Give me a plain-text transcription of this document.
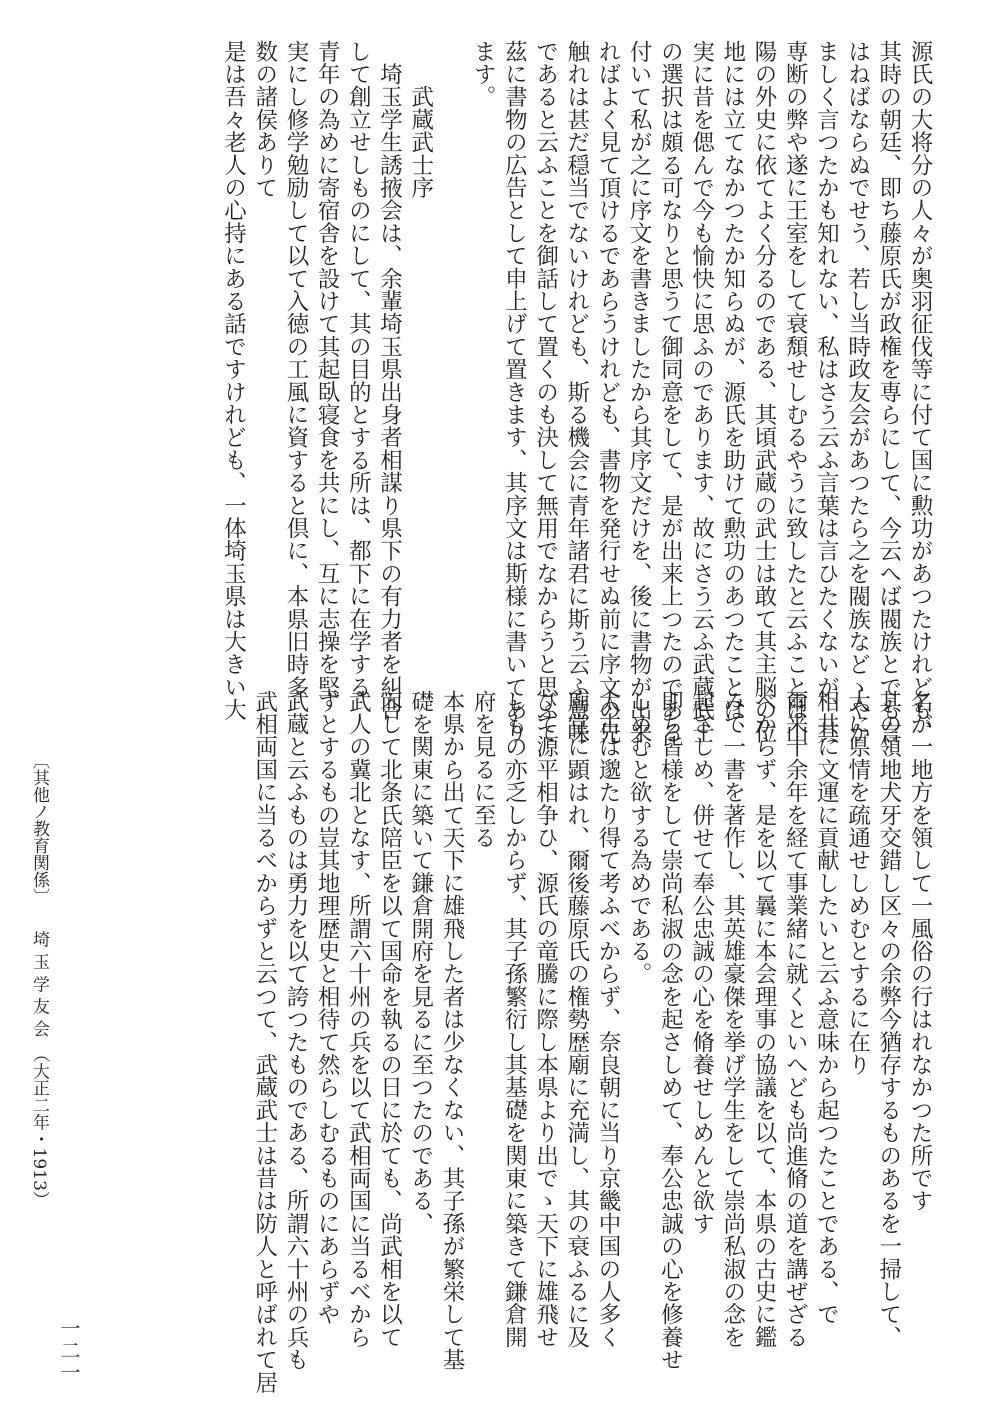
源氏の大将分の人々が奥羽征伐等に付て国に勲功があつたけれども、
其時の朝廷、即ち藤原氏が政権を専らにして、今云へば閥族とでも言
はねばならぬでせう、若し当時政友会があつたら之を閥族などゝやか
ましく言つたかも知れない、私はさう云ふ言葉は言ひたくないが、其
専断の弊や遂に王室をして衰頽せしむるやうに致したと云ふことは山
陽の外史に依てよく分るのである、其頃武蔵の武士は敢て其主脳の位
地には立てなかつたか知らぬが、源氏を助けて勲功のあつたことは、
実に昔を偲んで今も愉快に思ふのであります、故にさう云ふ武蔵武士
の選択は頗る可なりと思うて御同意をして、是が出来上つたのである
付いて私が之に序文を書きましたから其序文だけを、後に書物が出来
ればよく見て頂けるであらうけれども、書物を発行せぬ前に序文の先
触れは甚だ穏当でないけれども、斯る機会に青年諸君に斯う云ふ意味
であると云ふことを御話して置くのも決して無用でなからうと思ふて
茲に書物の広告として申上げて置きます、其序文は斯様に書いてあり
ます。

　　武蔵武士序
　埼玉学生誘掖会は、余輩埼玉県出身者相謀り県下の有力者を糾合
して創立せしものにして、其の目的とする所は、都下に在学する
青年の為めに寄宿舎を設けて其起臥寝食を共にし、互に志操を堅
実にし修学勉励して以て入徳の工風に資すると倶に、本県旧時多
数の諸侯ありて
是は吾々老人の心持にある話ですけれども、一体埼玉県は大きい大
名が一地方を領して一風俗の行はれなかつた所です
其の領地犬牙交錯し区々の余弊今猶存するものあるを一掃して、
大に県情を疏通せしめむとするに在り
相共に文運に貢献したいと云ふ意味から起つたことである、で
爾来十余年を経て事業緒に就くといへども尚進脩の道を講ぜざる
べからず、是を以て曩に本会理事の協議を以て、本県の古史に鑑
みて一書を著作し、其英雄豪傑を挙げ学生をして崇尚私淑の念を
起さしめ、併せて奉公忠誠の心を脩養せしめんと欲す
即ち皆様をして崇尚私淑の念を起さしめて、奉公忠誠の心を修養せ
しめむと欲する為めである。
太古は邈たり得て考ふべからず、奈良朝に当り京畿中国の人多く
廟堂に顕はれ、爾後藤原氏の権勢歴廟に充満し、其の衰ふるに及
びて源平相争ひ、源氏の竜騰に際し本県より出でゝ天下に雄飛せ
しもの亦乏しからず、其子孫繁衍し其基礎を関東に築きて鎌倉開
府を見るに至る
本県から出て天下に雄飛した者は少なくない、其子孫が繁栄して基
礎を関東に築いて鎌倉開府を見るに至つたのである、
而して北条氏陪臣を以て国命を執るの日に於ても、尚武相を以て
武人の冀北となす、所謂六十州の兵を以て武相両国に当るべから
ずとするもの豈其地理歴史と相待て然らしむるものにあらずや
武蔵と云ふものは勇力を以て誇つたものである、所謂六十州の兵も
武相両国に当るべからずと云つて、武蔵武士は昔は防人と呼ばれて居
〔其他ノ教育関係〕　　埼 玉 学 友 会　（大正二年・1913）
一二一
